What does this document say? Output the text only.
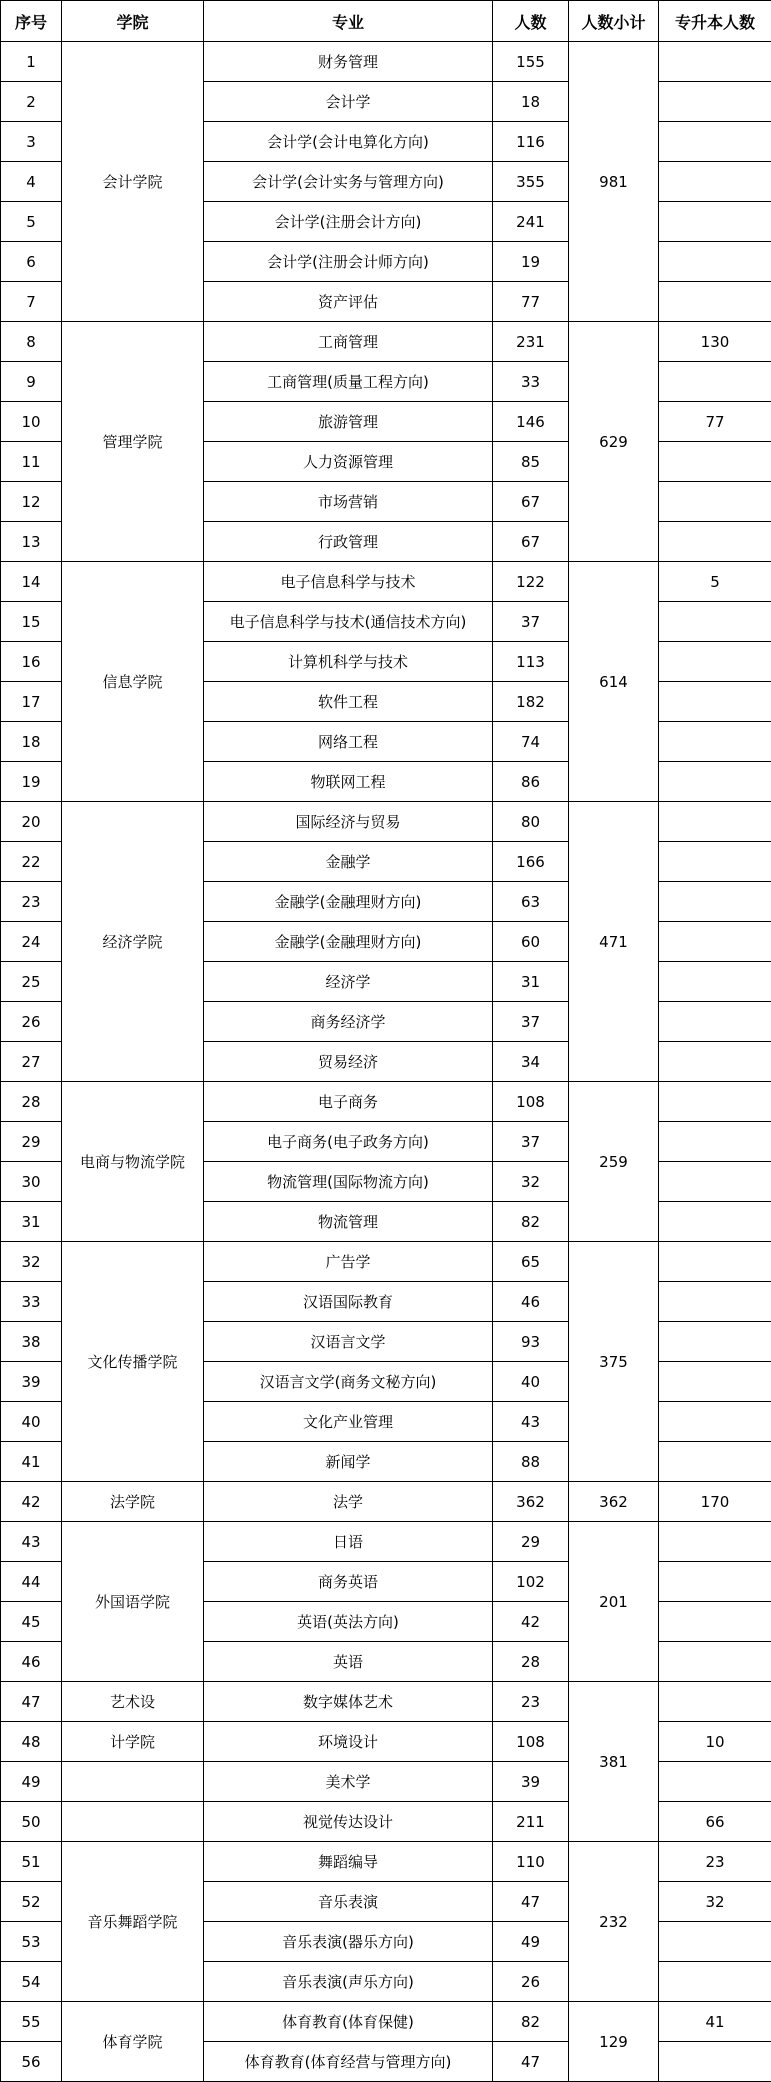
序号	学院	专业	人数	人数小计	专升本人数
1	会计学院	财务管理	155	981	
2		会计学	18		
3		会计学(会计电算化方向)	116		
4		会计学(会计实务与管理方向)	355		
5		会计学(注册会计方向)	241		
6		会计学(注册会计师方向)	19		
7		资产评估	77		
8	管理学院	工商管理	231	629	130
9		工商管理(质量工程方向)	33		
10		旅游管理	146		77
11		人力资源管理	85		
12		市场营销	67		
13		行政管理	67		
14	信息学院	电子信息科学与技术	122	614	5
15		电子信息科学与技术(通信技术方向)	37		
16		计算机科学与技术	113		
17		软件工程	182		
18		网络工程	74		
19		物联网工程	86		
20	经济学院	国际经济与贸易	80	471	
22		金融学	166		
23		金融学(金融理财方向)	63		
24		金融学(金融理财方向)	60		
25		经济学	31		
26		商务经济学	37		
27		贸易经济	34		
28	电商与物流学院	电子商务	108	259	
29		电子商务(电子政务方向)	37		
30		物流管理(国际物流方向)	32		
31		物流管理	82		
32	文化传播学院	广告学	65	375	
33		汉语国际教育	46		
38		汉语言文学	93		
39		汉语言文学(商务文秘方向)	40		
40		文化产业管理	43		
41		新闻学	88		
42	法学院	法学	362	362	170
43	外国语学院	日语	29	201	
44		商务英语	102		
45		英语(英法方向)	42		
46		英语	28		
47	艺术设	数字媒体艺术	23	381	
48	计学院	环境设计	108		10
49		美术学	39		
50		视觉传达设计	211		66
51	音乐舞蹈学院	舞蹈编导	110	232	23
52		音乐表演	47		32
53		音乐表演(器乐方向)	49		
54		音乐表演(声乐方向)	26		
55	体育学院	体育教育(体育保健)	82	129	41
56		体育教育(体育经营与管理方向)	47		
